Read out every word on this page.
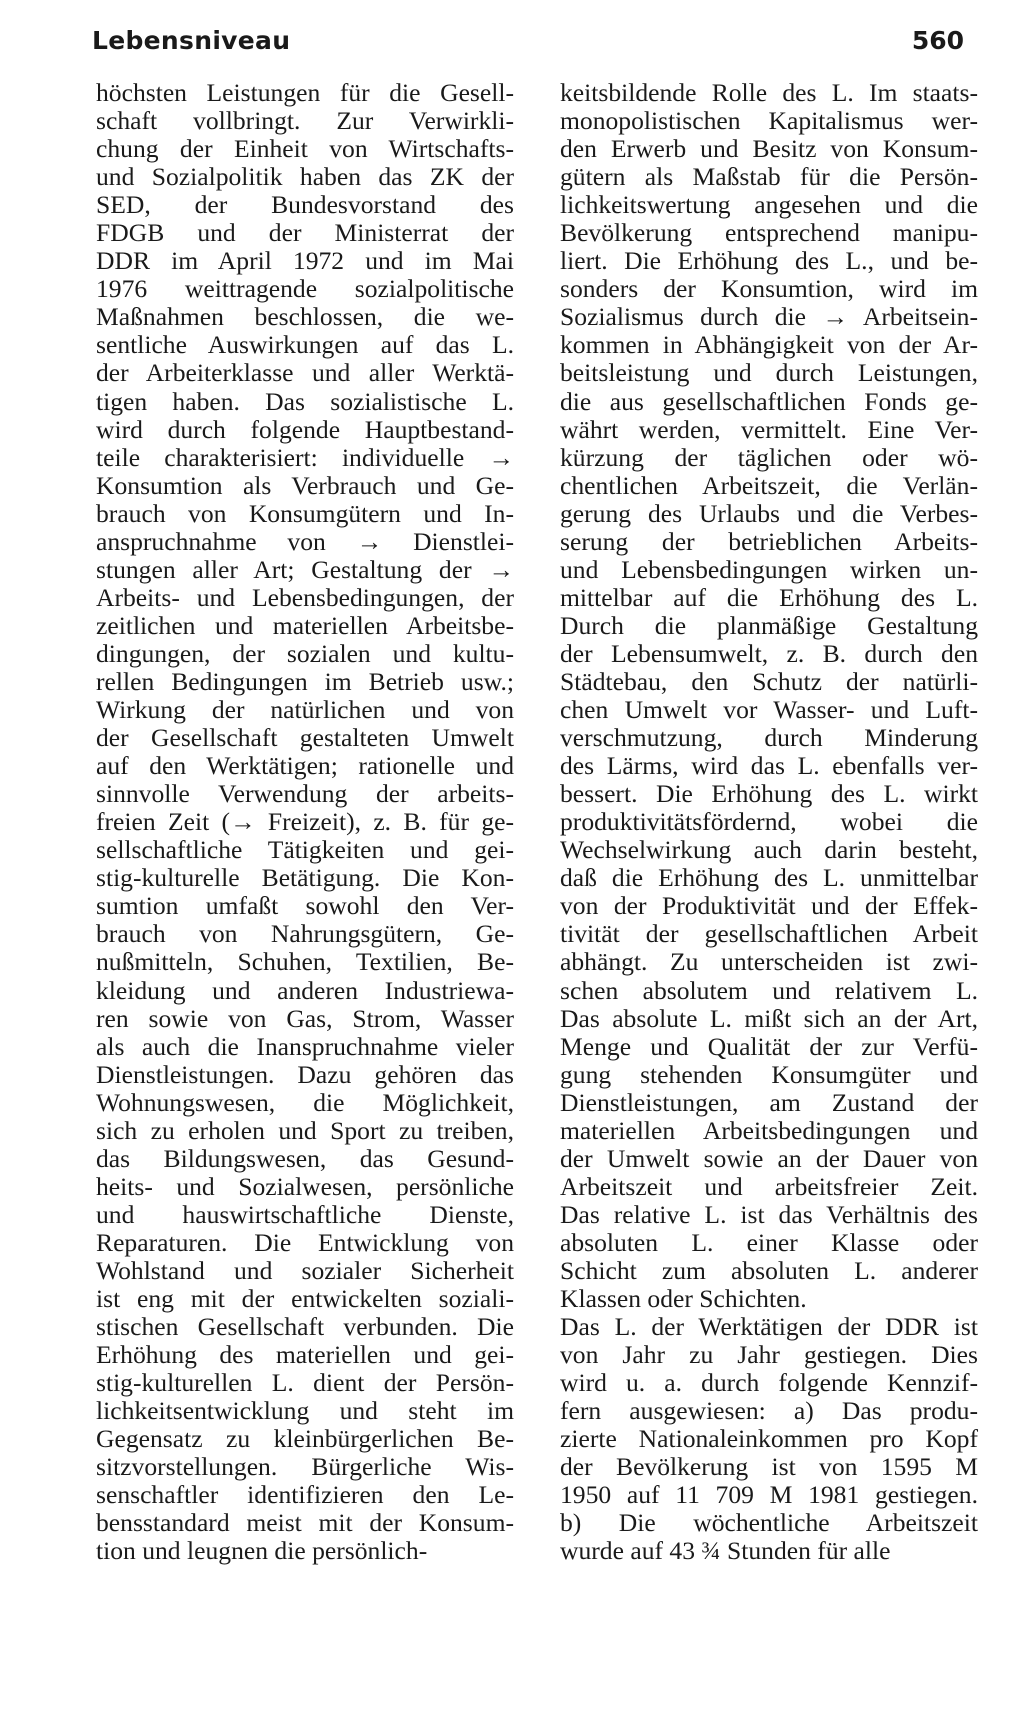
Lebensniveau	560
höchsten Leistungen für die Gesell-
schaft vollbringt. Zur Verwirkli-
chung der Einheit von Wirtschafts-
und Sozialpolitik haben das ZK der
SED, der Bundesvorstand des
FDGB und der Ministerrat der
DDR im April 1972 und im Mai
1976 weittragende sozialpolitische
Maßnahmen beschlossen, die we-
sentliche Auswirkungen auf das L.
der Arbeiterklasse und aller Werktä-
tigen haben. Das sozialistische L.
wird durch folgende Hauptbestand-
teile charakterisiert: individuelle →
Konsumtion als Verbrauch und Ge-
brauch von Konsumgütern und In-
anspruchnahme von → Dienstlei-
stungen aller Art; Gestaltung der →
Arbeits- und Lebensbedingungen, der
zeitlichen und materiellen Arbeitsbe-
dingungen, der sozialen und kultu-
rellen Bedingungen im Betrieb usw.;
Wirkung der natürlichen und von
der Gesellschaft gestalteten Umwelt
auf den Werktätigen; rationelle und
sinnvolle Verwendung der arbeits-
freien Zeit (→ Freizeit), z. B. für ge-
sellschaftliche Tätigkeiten und gei-
stig-kulturelle Betätigung. Die Kon-
sumtion umfaßt sowohl den Ver-
brauch von Nahrungsgütern, Ge-
nußmitteln, Schuhen, Textilien, Be-
kleidung und anderen Industriewa-
ren sowie von Gas, Strom, Wasser
als auch die Inanspruchnahme vieler
Dienstleistungen. Dazu gehören das
Wohnungswesen, die Möglichkeit,
sich zu erholen und Sport zu treiben,
das Bildungswesen, das Gesund-
heits- und Sozialwesen, persönliche
und hauswirtschaftliche Dienste,
Reparaturen. Die Entwicklung von
Wohlstand und sozialer Sicherheit
ist eng mit der entwickelten soziali-
stischen Gesellschaft verbunden. Die
Erhöhung des materiellen und gei-
stig-kulturellen L. dient der Persön-
lichkeitsentwicklung und steht im
Gegensatz zu kleinbürgerlichen Be-
sitzvorstellungen. Bürgerliche Wis-
senschaftler identifizieren den Le-
bensstandard meist mit der Konsum-
tion und leugnen die persönlich-
keitsbildende Rolle des L. Im staats-
monopolistischen Kapitalismus wer-
den Erwerb und Besitz von Konsum-
gütern als Maßstab für die Persön-
lichkeitswertung angesehen und die
Bevölkerung entsprechend manipu-
liert. Die Erhöhung des L., und be-
sonders der Konsumtion, wird im
Sozialismus durch die → Arbeitsein-
kommen in Abhängigkeit von der Ar-
beitsleistung und durch Leistungen,
die aus gesellschaftlichen Fonds ge-
währt werden, vermittelt. Eine Ver-
kürzung der täglichen oder wö-
chentlichen Arbeitszeit, die Verlän-
gerung des Urlaubs und die Verbes-
serung der betrieblichen Arbeits-
und Lebensbedingungen wirken un-
mittelbar auf die Erhöhung des L.
Durch die planmäßige Gestaltung
der Lebensumwelt, z. B. durch den
Städtebau, den Schutz der natürli-
chen Umwelt vor Wasser- und Luft-
verschmutzung, durch Minderung
des Lärms, wird das L. ebenfalls ver-
bessert. Die Erhöhung des L. wirkt
produktivitätsfördernd, wobei die
Wechselwirkung auch darin besteht,
daß die Erhöhung des L. unmittelbar
von der Produktivität und der Effek-
tivität der gesellschaftlichen Arbeit
abhängt. Zu unterscheiden ist zwi-
schen absolutem und relativem L.
Das absolute L. mißt sich an der Art,
Menge und Qualität der zur Verfü-
gung stehenden Konsumgüter und
Dienstleistungen, am Zustand der
materiellen Arbeitsbedingungen und
der Umwelt sowie an der Dauer von
Arbeitszeit und arbeitsfreier Zeit.
Das relative L. ist das Verhältnis des
absoluten L. einer Klasse oder
Schicht zum absoluten L. anderer
Klassen oder Schichten.
Das L. der Werktätigen der DDR ist
von Jahr zu Jahr gestiegen. Dies
wird u. a. durch folgende Kennzif-
fern ausgewiesen: a) Das produ-
zierte Nationaleinkommen pro Kopf
der Bevölkerung ist von 1595 M
1950 auf 11 709 M 1981 gestiegen.
b) Die wöchentliche Arbeitszeit
wurde auf 43 ¾ Stunden für alle
